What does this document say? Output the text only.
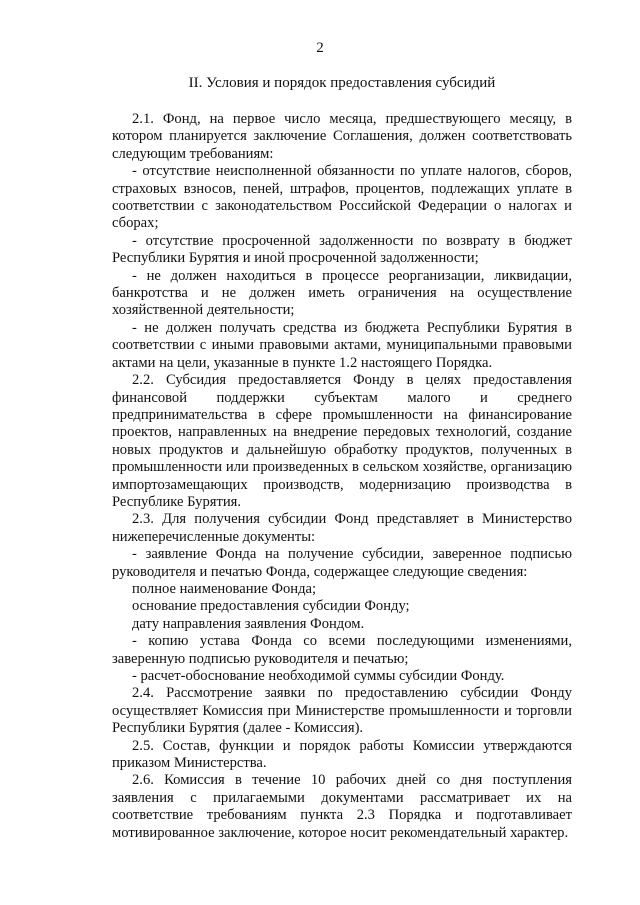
2
II. Условия и порядок предоставления субсидий

2.1. Фонд, на первое число месяца, предшествующего месяцу, в котором планируется заключение Соглашения, должен соответствовать следующим требованиям:

- отсутствие неисполненной обязанности по уплате налогов, сборов, страховых взносов, пеней, штрафов, процентов, подлежащих уплате в соответствии с законодательством Российской Федерации о налогах и сборах;

- отсутствие просроченной задолженности по возврату в бюджет Республики Бурятия и иной просроченной задолженности;

- не должен находиться в процессе реорганизации, ликвидации, банкротства и не должен иметь ограничения на осуществление хозяйственной деятельности;

- не должен получать средства из бюджета Республики Бурятия в соответствии с иными правовыми актами, муниципальными правовыми актами на цели, указанные в пункте 1.2 настоящего Порядка.

2.2. Субсидия предоставляется Фонду в целях предоставления финансовой поддержки субъектам малого и среднего предпринимательства в сфере промышленности на финансирование проектов, направленных на внедрение передовых технологий, создание новых продуктов и дальнейшую обработку продуктов, полученных в промышленности или произведенных в сельском хозяйстве, организацию импортозамещающих производств, модернизацию производства в Республике Бурятия.

2.3. Для получения субсидии Фонд представляет в Министерство нижеперечисленные документы:

- заявление Фонда на получение субсидии, заверенное подписью руководителя и печатью Фонда, содержащее следующие сведения:

полное наименование Фонда;

основание предоставления субсидии Фонду;

дату направления заявления Фондом.

- копию устава Фонда со всеми последующими изменениями, заверенную подписью руководителя и печатью;

- расчет-обоснование необходимой суммы субсидии Фонду.

2.4. Рассмотрение заявки по предоставлению субсидии Фонду осуществляет Комиссия при Министерстве промышленности и торговли Республики Бурятия (далее - Комиссия).

2.5. Состав, функции и порядок работы Комиссии утверждаются приказом Министерства.

2.6. Комиссия в течение 10 рабочих дней со дня поступления заявления с прилагаемыми документами рассматривает их на соответствие требованиям пункта 2.3 Порядка и подготавливает мотивированное заключение, которое носит рекомендательный характер.
